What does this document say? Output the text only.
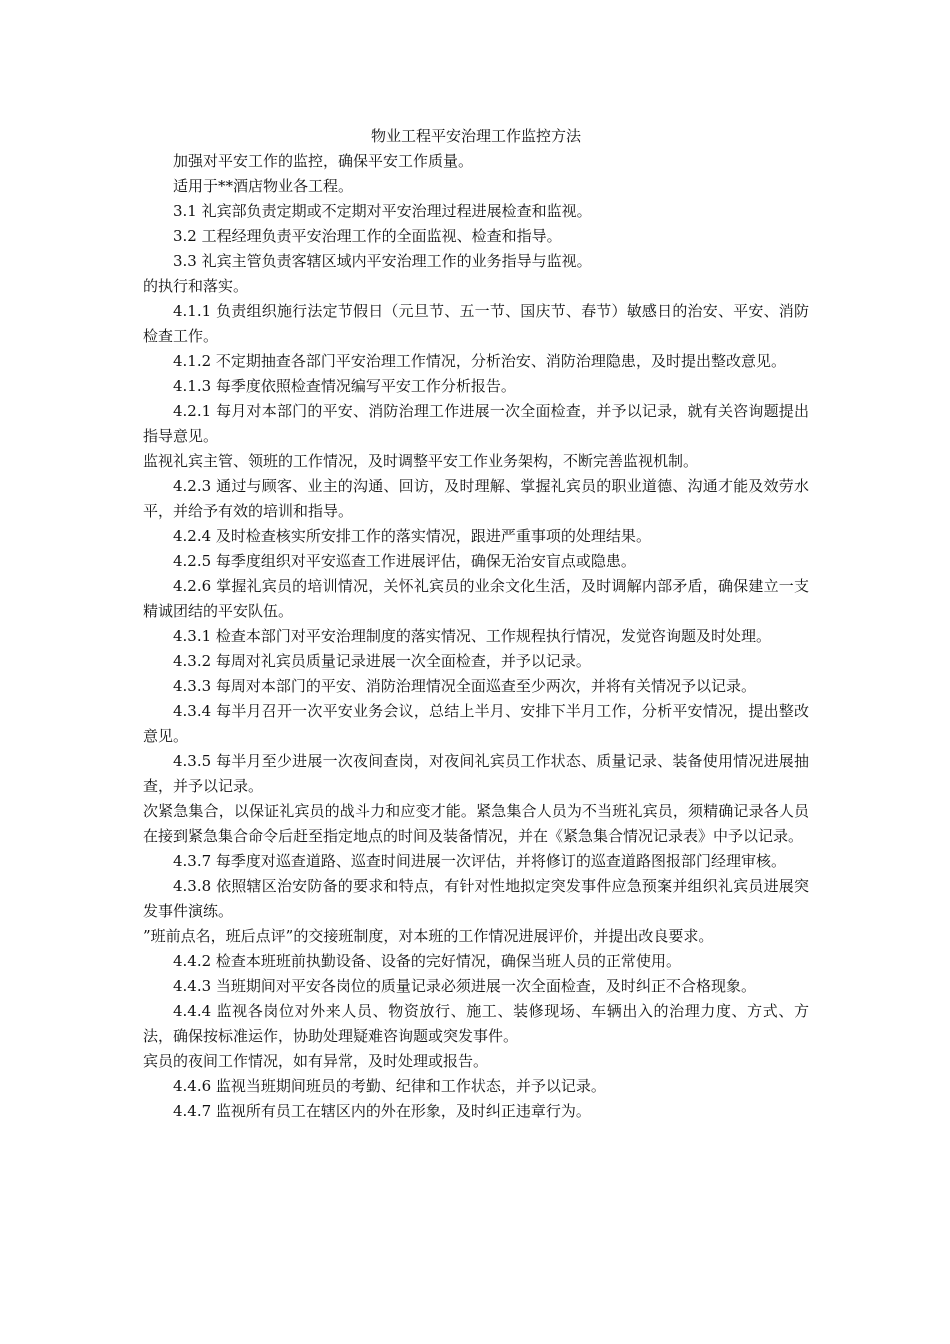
物业工程平安治理工作监控方法

加强对平安工作的监控，确保平安工作质量。

适用于**酒店物业各工程。

3.1 礼宾部负责定期或不定期对平安治理过程进展检查和监视。

3.2 工程经理负责平安治理工作的全面监视、检查和指导。

3.3 礼宾主管负责客辖区域内平安治理工作的业务指导与监视。

的执行和落实。

4.1.1 负责组织施行法定节假日（元旦节、五一节、国庆节、春节）敏感日的治安、平安、消防检查工作。

4.1.2 不定期抽查各部门平安治理工作情况，分析治安、消防治理隐患，及时提出整改意见。

4.1.3 每季度依照检查情况编写平安工作分析报告。

4.2.1 每月对本部门的平安、消防治理工作进展一次全面检查，并予以记录，就有关咨询题提出指导意见。

监视礼宾主管、领班的工作情况，及时调整平安工作业务架构，不断完善监视机制。

4.2.3 通过与顾客、业主的沟通、回访，及时理解、掌握礼宾员的职业道德、沟通才能及效劳水平，并给予有效的培训和指导。

4.2.4 及时检查核实所安排工作的落实情况，跟进严重事项的处理结果。

4.2.5 每季度组织对平安巡查工作进展评估，确保无治安盲点或隐患。

4.2.6 掌握礼宾员的培训情况，关怀礼宾员的业余文化生活，及时调解内部矛盾，确保建立一支精诚团结的平安队伍。

4.3.1 检查本部门对平安治理制度的落实情况、工作规程执行情况，发觉咨询题及时处理。

4.3.2 每周对礼宾员质量记录进展一次全面检查，并予以记录。

4.3.3 每周对本部门的平安、消防治理情况全面巡查至少两次，并将有关情况予以记录。

4.3.4 每半月召开一次平安业务会议，总结上半月、安排下半月工作，分析平安情况，提出整改意见。

4.3.5 每半月至少进展一次夜间查岗，对夜间礼宾员工作状态、质量记录、装备使用情况进展抽查，并予以记录。

次紧急集合，以保证礼宾员的战斗力和应变才能。紧急集合人员为不当班礼宾员，须精确记录各人员在接到紧急集合命令后赶至指定地点的时间及装备情况，并在《紧急集合情况记录表》中予以记录。

4.3.7 每季度对巡查道路、巡查时间进展一次评估，并将修订的巡查道路图报部门经理审核。

4.3.8 依照辖区治安防备的要求和特点，有针对性地拟定突发事件应急预案并组织礼宾员进展突发事件演练。

”班前点名，班后点评”的交接班制度，对本班的工作情况进展评价，并提出改良要求。

4.4.2 检查本班班前执勤设备、设备的完好情况，确保当班人员的正常使用。

4.4.3 当班期间对平安各岗位的质量记录必须进展一次全面检查，及时纠正不合格现象。

4.4.4 监视各岗位对外来人员、物资放行、施工、装修现场、车辆出入的治理力度、方式、方法，确保按标准运作，协助处理疑难咨询题或突发事件。

宾员的夜间工作情况，如有异常，及时处理或报告。

4.4.6 监视当班期间班员的考勤、纪律和工作状态，并予以记录。

4.4.7 监视所有员工在辖区内的外在形象，及时纠正违章行为。
